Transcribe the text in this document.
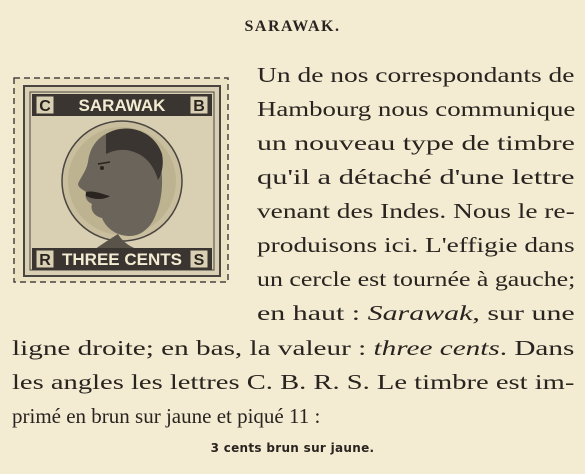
SARAWAK.
C	B
SARAWAK
R	S
THREE CENTS
Un de nos correspondants de
Hambourg nous communique
un nouveau type de timbre
qu'il a détaché d'une lettre
venant des Indes. Nous le re-
produisons ici. L'effigie dans
un cercle est tournée à gauche;
en haut : Sarawak, sur une
ligne droite; en bas, la valeur : three cents. Dans
les angles les lettres C. B. R. S. Le timbre est im-
primé en brun sur jaune et piqué 11 :
3 cents brun sur jaune.
